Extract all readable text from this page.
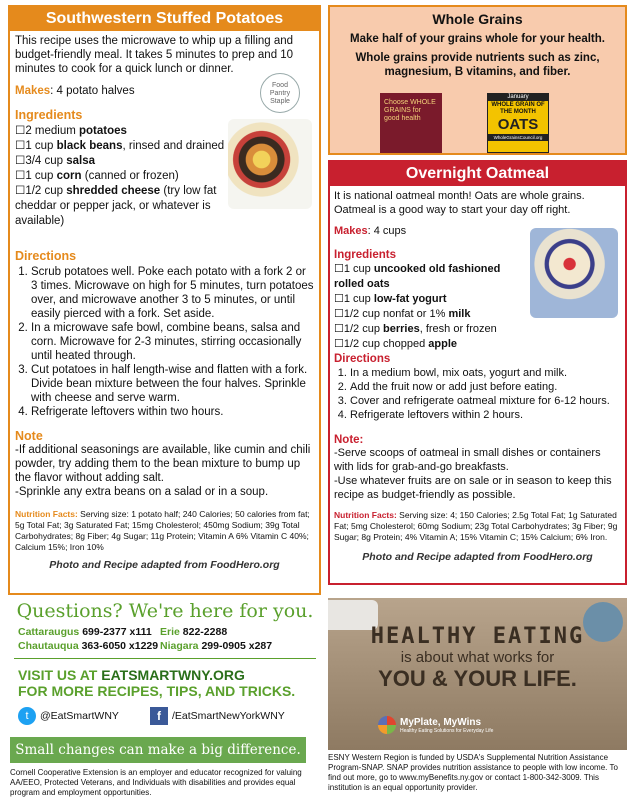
Southwestern Stuffed Potatoes

This recipe uses the microwave to whip up a filling and budget-friendly meal. It takes 5 minutes to prep and 10 minutes to cook for a quick lunch or dinner.

Makes: 4 potato halves

Ingredients
☐2 medium potatoes
☐1 cup black beans, rinsed and drained
☐3/4 cup salsa
☐1 cup corn (canned or frozen)
☐1/2 cup shredded cheese (try low fat cheddar or pepper jack, or whatever is available)
Directions
1. Scrub potatoes well. Poke each potato with a fork 2 or 3 times. Microwave on high for 5 minutes, turn potatoes over, and microwave another 3 to 5 minutes, or until easily pierced with a fork. Set aside.
2. In a microwave safe bowl, combine beans, salsa and corn. Microwave for 2-3 minutes, stirring occasionally until heated through.
3. Cut potatoes in half length-wise and flatten with a fork. Divide bean mixture between the four halves. Sprinkle with cheese and serve warm.
4. Refrigerate leftovers within two hours.
Note

-If additional seasonings are available, like cumin and chili powder, try adding them to the bean mixture to bump up the flavor without adding salt.

-Sprinkle any extra beans on a salad or in a soup.

Nutrition Facts: Serving size: 1 potato half; 240 Calories; 50 calories from fat; 5g Total Fat; 3g Saturated Fat; 15mg Cholesterol; 450mg Sodium; 39g Total Carbohydrates; 8g Fiber; 4g Sugar; 11g Protein; Vitamin A 6% Vitamin C 40%; Calcium 15%; Iron 10%

Photo and Recipe adapted from FoodHero.org

Food Pantry Staple
Whole Grains
Make half of your grains whole for your health.
Whole grains provide nutrients such as zinc, magnesium, B vitamins, and fiber.
Choose WHOLE GRAINS for good health
January
WHOLE GRAIN OF THE MONTH
OATS
WholeGrainsCouncil.org
Overnight Oatmeal

It is national oatmeal month! Oats are whole grains. Oatmeal is a good way to start your day off right.

Makes: 4 cups

Ingredients
☐1 cup uncooked old fashioned rolled oats
☐1 cup low-fat yogurt
☐1/2 cup nonfat or 1% milk
☐1/2 cup berries, fresh or frozen
☐1/2 cup chopped apple
Directions
1. In a medium bowl, mix oats, yogurt and milk.
2. Add the fruit now or add just before eating.
3. Cover and refrigerate oatmeal mixture for 6-12 hours.
4. Refrigerate leftovers within 2 hours.
Note:

-Serve scoops of oatmeal in small dishes or containers with lids for grab-and-go breakfasts.

-Use whatever fruits are on sale or in season to keep this recipe as budget-friendly as possible.

Nutrition Facts: Serving size: 4; 150 Calories; 2.5g Total Fat; 1g Saturated Fat; 5mg Cholesterol; 60mg Sodium; 23g Total Carbohydrates; 3g Fiber; 9g Sugar; 8g Protein; 4% Vitamin A; 15% Vitamin C; 15% Calcium; 6% Iron.

Photo and Recipe adapted from FoodHero.org

Questions? We're here for you.
Cattaraugus 699-2377 x111 Erie 822-2288
Chautauqua 363-6050 x1229 Niagara 299-0905 x287
VISIT US AT EATSMARTWNY.ORG
FOR MORE RECIPES, TIPS, AND TRICKS.
t	@EatSmartWNY	f	/EatSmartNewYorkWNY
Small changes can make a big difference.
Cornell Cooperative Extension is an employer and educator recognized for valuing AA/EEO, Protected Veterans, and Individuals with disabilities and provides equal program and employment opportunities.
HEALTHY EATING
is about what works for
YOU & YOUR LIFE.
MyPlate, MyWins
Healthy Eating Solutions for Everyday Life
ESNY Western Region is funded by USDA's Supplemental Nutrition Assistance Program-SNAP. SNAP provides nutrition assistance to people with low income. To find out more, go to www.myBenefits.ny.gov or contact 1-800-342-3009. This institution is an equal opportunity provider.
